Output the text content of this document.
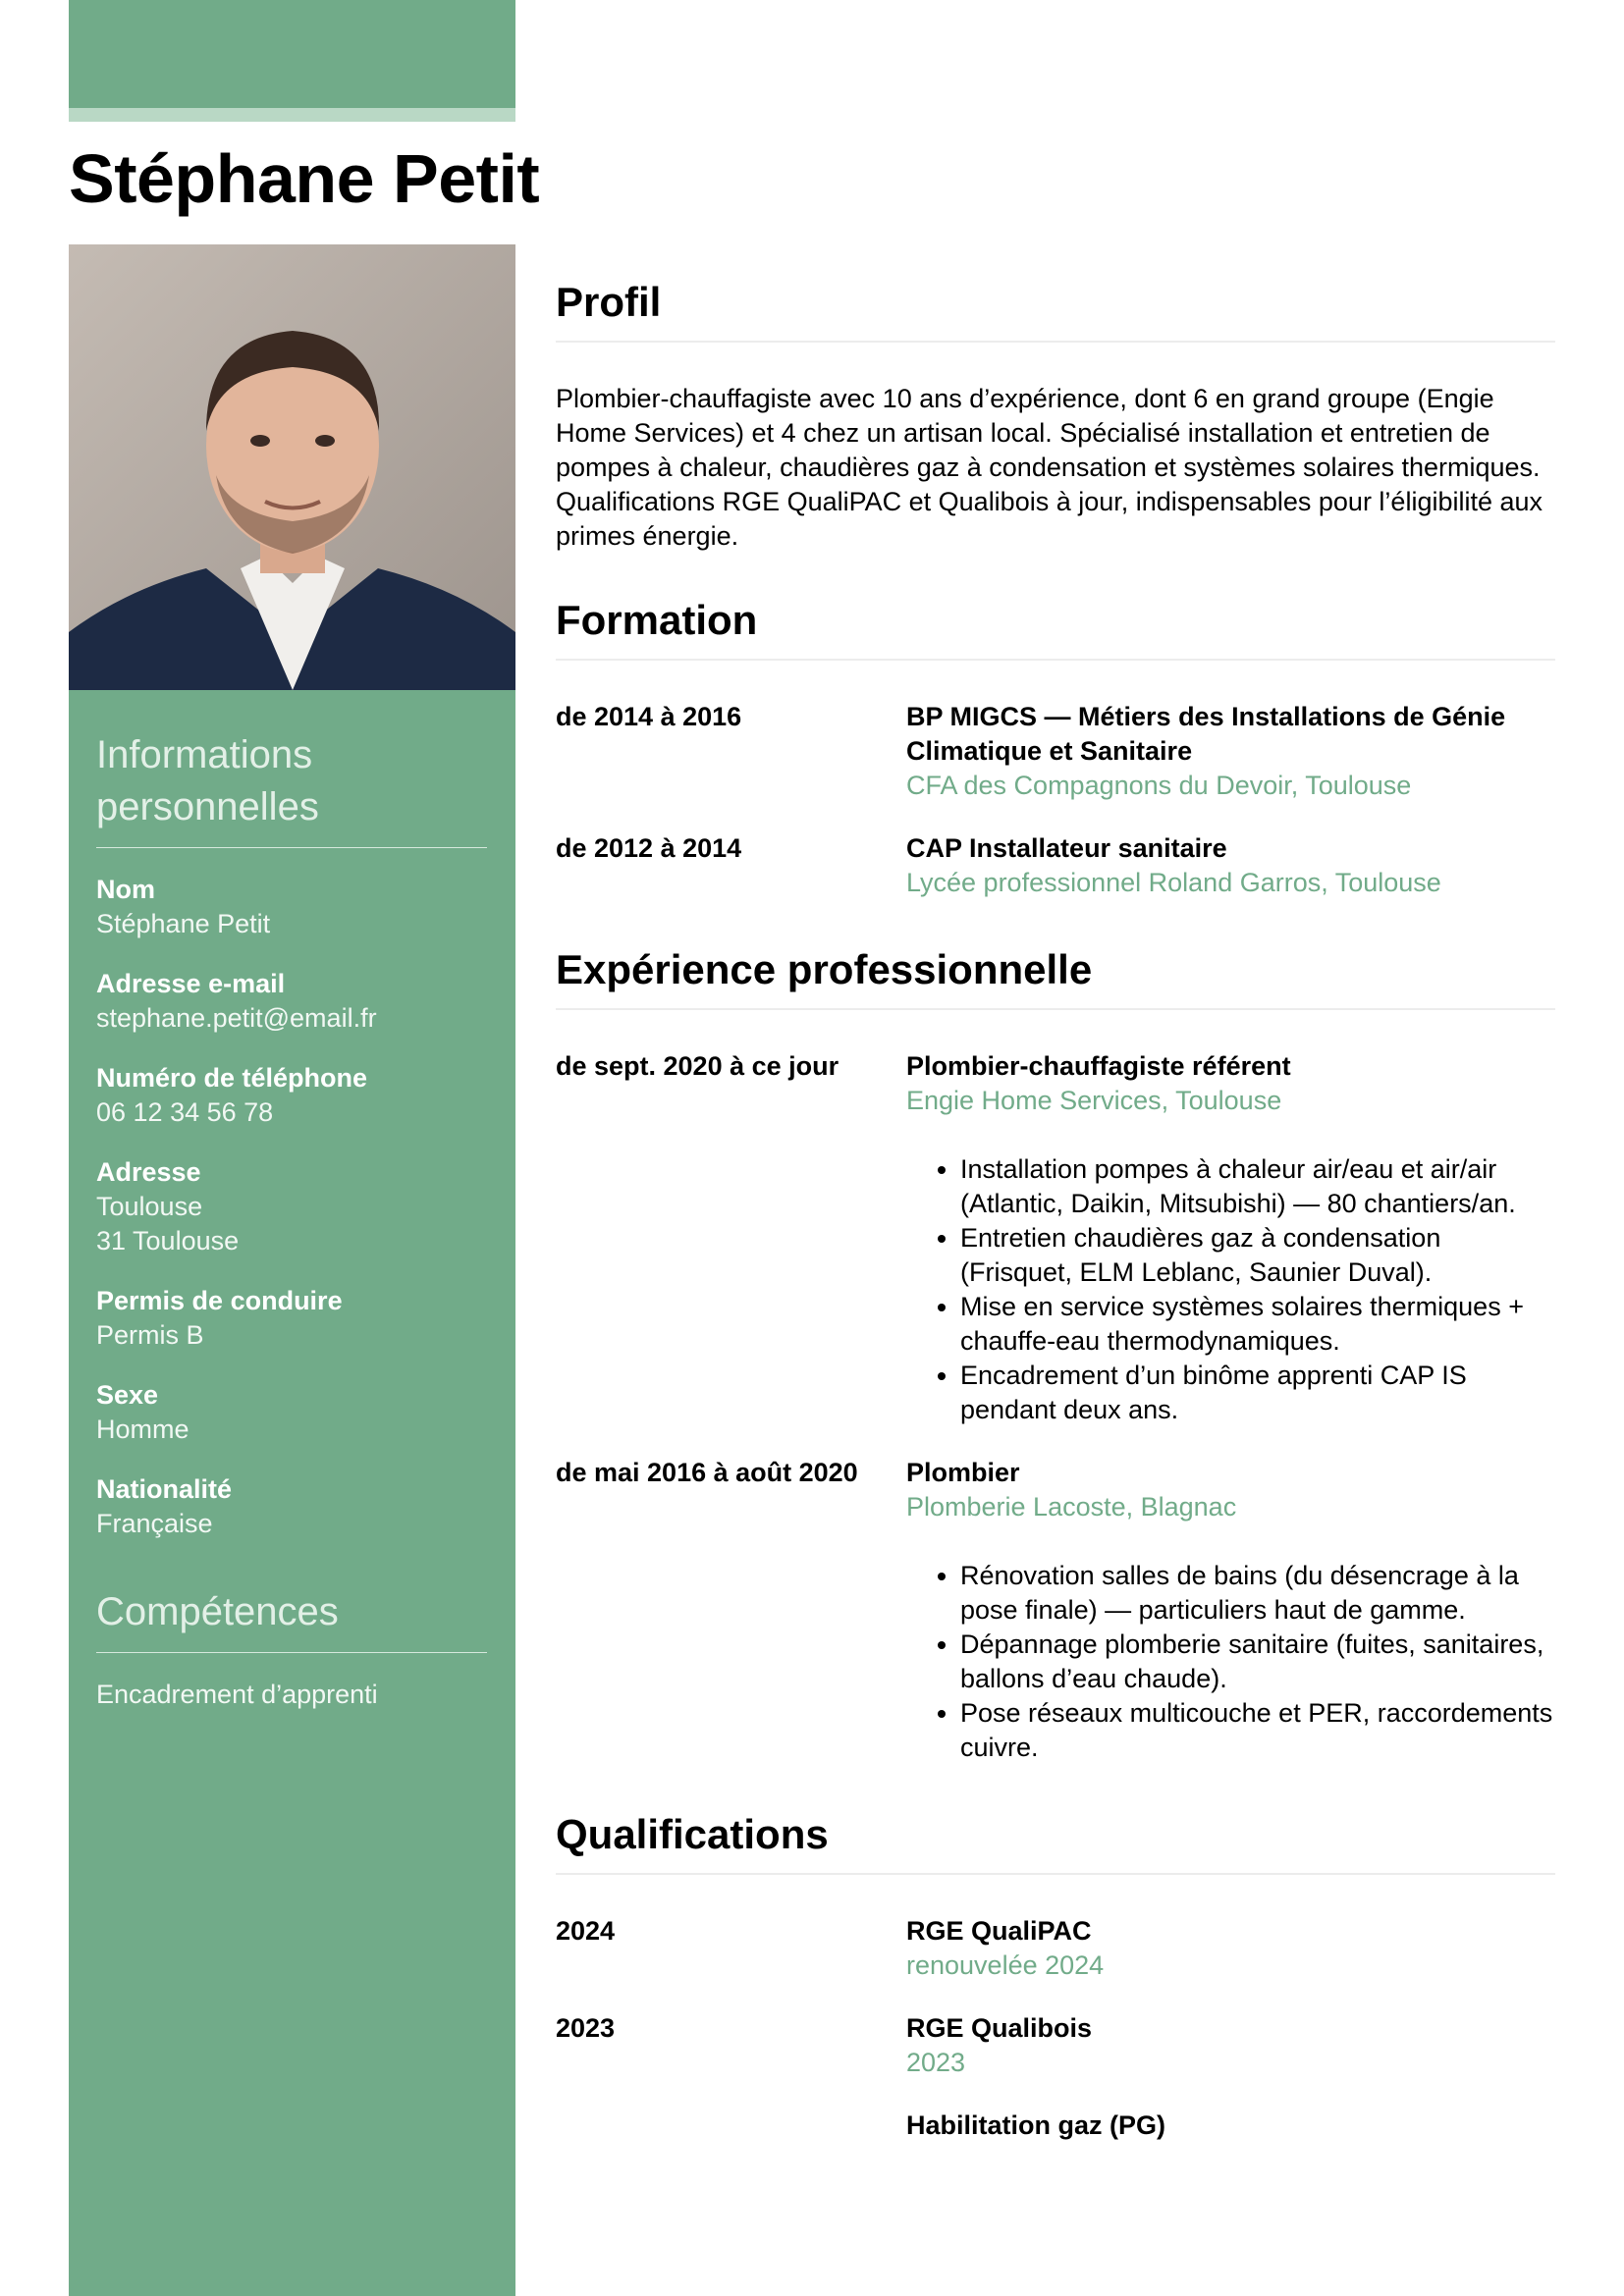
Stéphane Petit
Informations personnelles
Nom
Stéphane Petit
Adresse e-mail
stephane.petit@email.fr
Numéro de téléphone
06 12 34 56 78
Adresse
Toulouse
31 Toulouse
Permis de conduire
Permis B
Sexe
Homme
Nationalité
Française
Compétences
Encadrement d’apprenti
Profil

Plombier-chauffagiste avec 10 ans d’expérience, dont 6 en grand groupe (Engie Home Services) et 4 chez un artisan local. Spécialisé installation et entretien de pompes à chaleur, chaudières gaz à condensation et systèmes solaires thermiques. Qualifications RGE QualiPAC et Qualibois à jour, indispensables pour l’éligibilité aux primes énergie.

Formation
de 2014 à 2016	BP MIGCS — Métiers des Installations de Génie Climatique et Sanitaire
CFA des Compagnons du Devoir, Toulouse
de 2012 à 2014	CAP Installateur sanitaire
Lycée professionnel Roland Garros, Toulouse
Expérience professionnelle
de sept. 2020 à ce jour	Plombier-chauffagiste référent
Engie Home Services, Toulouse
• Installation pompes à chaleur air/eau et air/air (Atlantic, Daikin, Mitsubishi) — 80 chantiers/an.
• Entretien chaudières gaz à condensation (Frisquet, ELM Leblanc, Saunier Duval).
• Mise en service systèmes solaires thermiques + chauffe-eau thermodynamiques.
• Encadrement d’un binôme apprenti CAP IS pendant deux ans.
de mai 2016 à août 2020	Plombier
Plomberie Lacoste, Blagnac
• Rénovation salles de bains (du désencrage à la pose finale) — particuliers haut de gamme.
• Dépannage plomberie sanitaire (fuites, sanitaires, ballons d’eau chaude).
• Pose réseaux multicouche et PER, raccordements cuivre.
Qualifications
2024	RGE QualiPAC
renouvelée 2024
2023	RGE Qualibois
2023
Habilitation gaz (PG)
